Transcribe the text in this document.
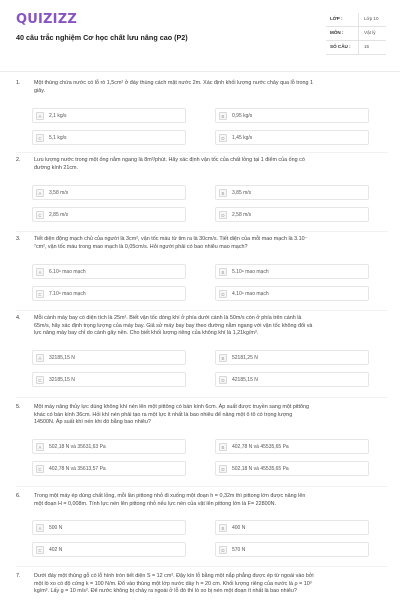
QUIZIZZ
40 câu trắc nghiệm Cơ học chất lưu nâng cao (P2)
LỚP :	Lớp 10
MÔN :	Vật lý
SỐ CÂU :	15
1.	Một thùng chứa nước có lỗ rò 1,5cm² ở đáy thùng cách mặt nước 2m. Xác định khối lượng nước chảy qua lỗ trong 1
giây.
A	2,1 kg/s	B	0,95 kg/s
C	5,1 kg/s	D	1,45 kg/s
2.	Lưu lượng nước trong một ống nằm ngang là 8m³/phút. Hãy xác định vận tốc của chất lỏng tại 1 điểm của ống có
đường kính 21cm.
A	3,58 m/s	B	3,85 m/s
C	2,85 m/s	D	2,58 m/s
3.	Tiết diện động mạch chủ của người là 3cm², vận tốc máu từ tim ra là 30cm/s. Tiết diện của mỗi mao mạch là 3.10⁻
⁷cm², vận tốc máu trong mao mạch là 0,05cm/s. Hỏi người phải có bao nhiêu mao mạch?
A	6.10⁹ mao mạch	B	5.10⁹ mao mạch
C	7.10⁹ mao mạch	D	4.10⁹ mao mạch
4.	Mỗi cánh máy bay có diện tích là 25m². Biết vận tốc dòng khí ở phía dưới cánh là 50m/s còn ở phía trên cánh là
65m/s, hãy xác định trọng lượng của máy bay. Giả sử máy bay bay theo đường nằm ngang với vận tốc không đổi và
lực nâng máy bay chỉ do cánh gây nên. Cho biết khối lượng riêng của không khí là 1,21kg/m³.
A	32185,15 N	B	52181,25 N
C	32185,15 N	D	42185,15 N
5.	Một máy nâng thủy lực dùng không khí nén lên một pittông có bán kính 6cm. Áp suất được truyền sang một pittông
khác có bán kính 36cm. Hỏi khí nén phải tạo ra một lực ít nhất là bao nhiêu để nâng một ô tô có trọng lượng
14500N. Áp suất khí nén khi đó bằng bao nhiêu?
A	502,18 N và 35631,63 Pa	B	402,78 N và 45535,65 Pa
C	402,78 N và 35613,57 Pa	D	502,18 N và 45535,65 Pa
6.	Trong một máy ép dùng chất lỏng, mỗi lần pittong nhỏ đi xuống một đoạn h = 0,32m thì pittong lớn được nâng lên
một đoạn H = 0,008m. Tính lực nén lên pittong nhỏ nếu lực nén của vật lên pittong lớn là F= 22800N.
A	500 N	B	400 N
C	402 N	D	570 N
7.	Dưới đáy một thùng gỗ có lỗ hình tròn tiết diện S = 12 cm². Đậy kín lỗ bằng một nắp phẳng được ép từ ngoài vào bởi
một lò xo có độ cứng k = 100 N/m. Đổ vào thùng một lớp nước dày h = 20 cm. Khối lượng riêng của nước là ρ = 10³
kg/m³. Lấy g = 10 m/s². Để nước không bị chảy ra ngoài ở lỗ đó thì lò xo bị nén một đoạn ít nhất là bao nhiêu?
